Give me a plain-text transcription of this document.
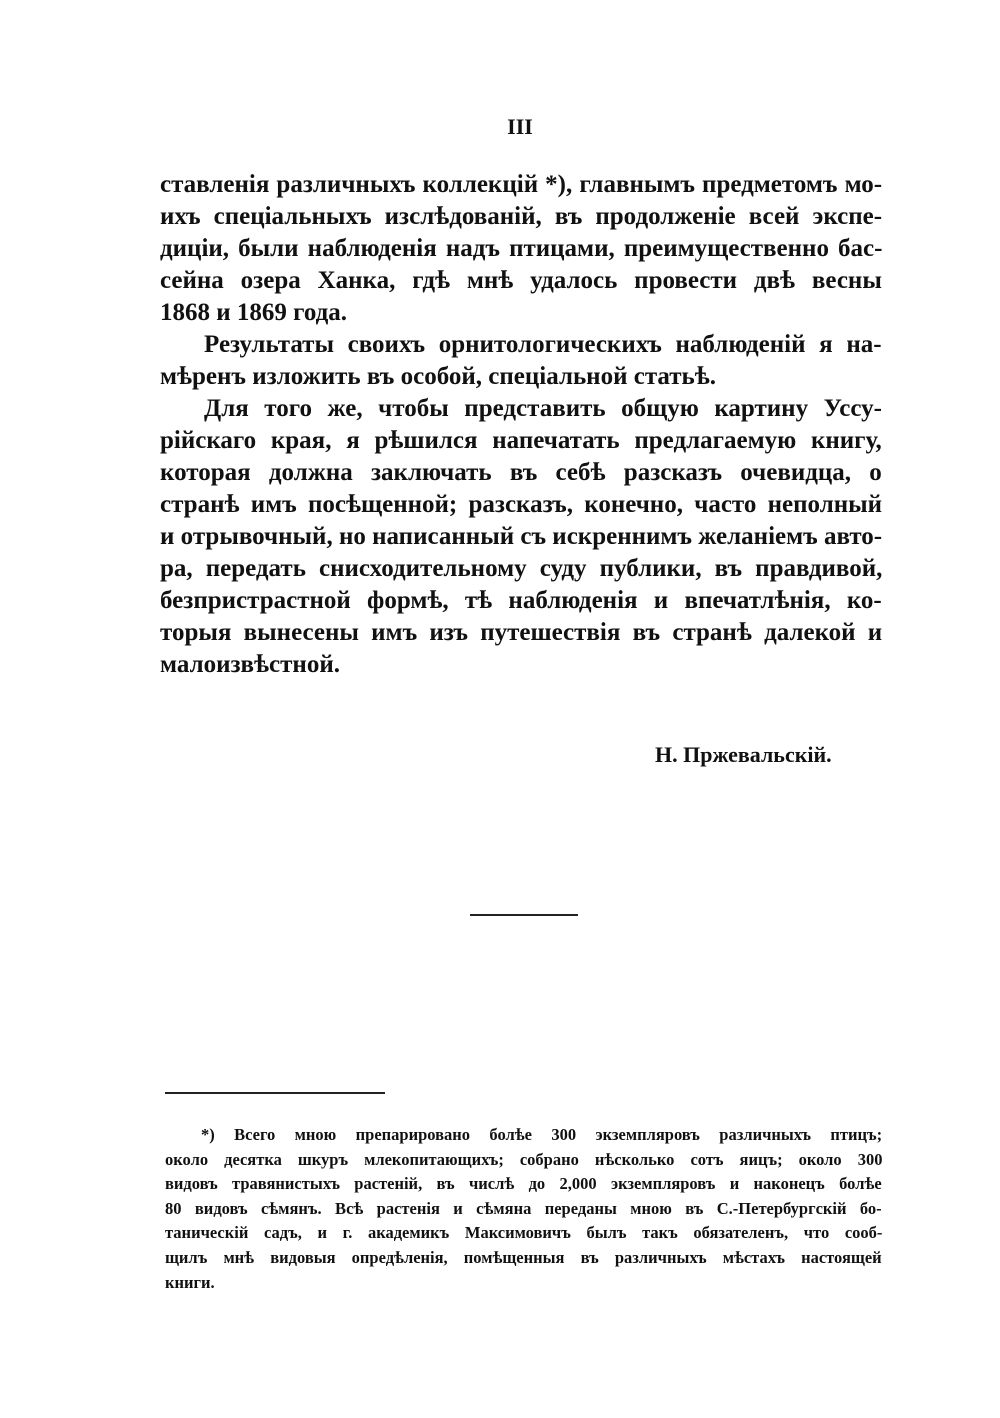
III
ставленія различныхъ коллекцій *), главнымъ предметомъ мо-
ихъ спеціальныхъ изслѣдованій, въ продолженіе всей экспе-
диціи, были наблюденія надъ птицами, преимущественно бас-
сейна озера Ханка, гдѣ мнѣ удалось провести двѣ весны
1868 и 1869 года.
Результаты своихъ орнитологическихъ наблюденій я на-
мѣренъ изложить въ особой, спеціальной статьѣ.
Для того же, чтобы представить общую картину Уссу-
рійскаго края, я рѣшился напечатать предлагаемую книгу,
которая должна заключать въ себѣ разсказъ очевидца, о
странѣ имъ посѣщенной; разсказъ, конечно, часто неполный
и отрывочный, но написанный съ искреннимъ желаніемъ авто-
ра, передать снисходительному суду публики, въ правдивой,
безпристрастной формѣ, тѣ наблюденія и впечатлѣнія, ко-
торыя вынесены имъ изъ путешествія въ странѣ далекой и
малоизвѣстной.
Н. Пржевальскій.
*) Всего мною препарировано болѣе 300 экземпляровъ различныхъ птицъ;
около десятка шкуръ млекопитающихъ; собрано нѣсколько сотъ яицъ; около 300
видовъ травянистыхъ растеній, въ числѣ до 2,000 экземпляровъ и наконецъ болѣе
80 видовъ сѣмянъ. Всѣ растенія и сѣмяна переданы мною въ С.-Петербургскій бо-
таническій садъ, и г. академикъ Максимовичъ былъ такъ обязателенъ, что сооб-
щилъ мнѣ видовыя опредѣленія, помѣщенныя въ различныхъ мѣстахъ настоящей
книги.
